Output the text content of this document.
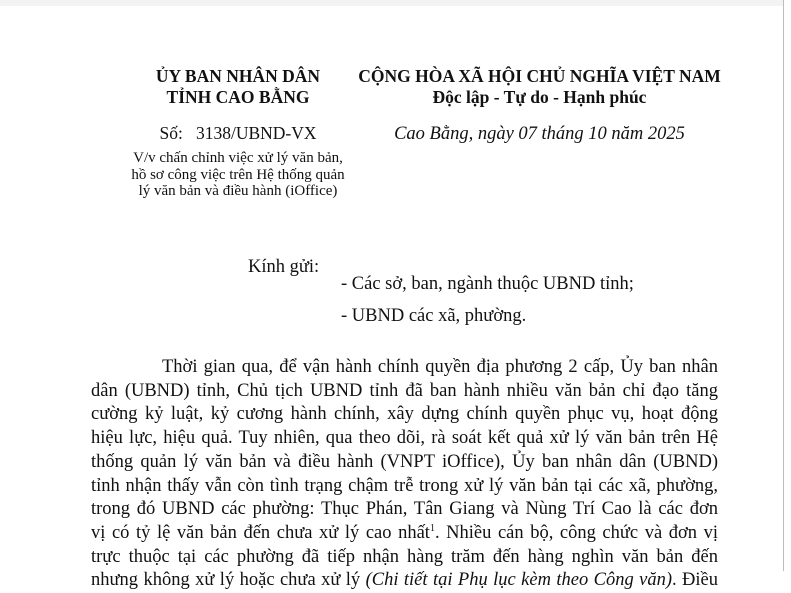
ỦY BAN NHÂN DÂN
TỈNH CAO BẰNG
CỘNG HÒA XÃ HỘI CHỦ NGHĨA VIỆT NAM
Độc lập - Tự do - Hạnh phúc
Số: 3138/UBND-VX	Cao Bằng, ngày 07 tháng 10 năm 2025
V/v chấn chỉnh việc xử lý văn bản,
hồ sơ công việc trên Hệ thống quản
lý văn bản và điều hành (iOffice)
Kính gửi:
- Các sở, ban, ngành thuộc UBND tỉnh;
- UBND các xã, phường.
Thời gian qua, để vận hành chính quyền địa phương 2 cấp, Ủy ban nhân
dân (UBND) tỉnh, Chủ tịch UBND tỉnh đã ban hành nhiều văn bản chỉ đạo tăng
cường kỷ luật, kỷ cương hành chính, xây dựng chính quyền phục vụ, hoạt động
hiệu lực, hiệu quả. Tuy nhiên, qua theo dõi, rà soát kết quả xử lý văn bản trên Hệ
thống quản lý văn bản và điều hành (VNPT iOffice), Ủy ban nhân dân (UBND)
tỉnh nhận thấy vẫn còn tình trạng chậm trễ trong xử lý văn bản tại các xã, phường,
trong đó UBND các phường: Thục Phán, Tân Giang và Nùng Trí Cao là các đơn
vị có tỷ lệ văn bản đến chưa xử lý cao nhất$^1$. Nhiều cán bộ, công chức và đơn vị
trực thuộc tại các phường đã tiếp nhận hàng trăm đến hàng nghìn văn bản đến
nhưng không xử lý hoặc chưa xử lý (Chi tiết tại Phụ lục kèm theo Công văn). Điều
